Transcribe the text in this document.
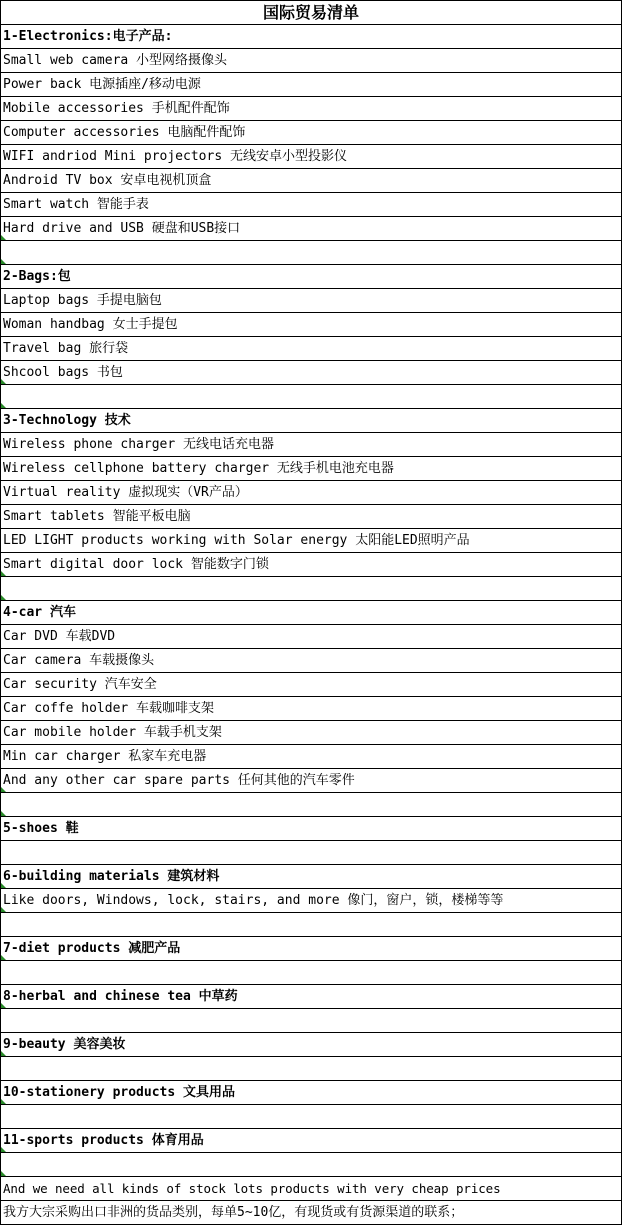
国际贸易清单
1-Electronics:电子产品:
Small web camera 小型网络摄像头
Power back 电源插座/移动电源
Mobile accessories 手机配件配饰
Computer accessories 电脑配件配饰
WIFI andriod Mini projectors 无线安卓小型投影仪
Android TV box 安卓电视机顶盒
Smart watch 智能手表
Hard drive and USB 硬盘和USB接口
2-Bags:包
Laptop bags 手提电脑包
Woman handbag 女士手提包
Travel bag 旅行袋
Shcool bags 书包
3-Technology 技术
Wireless phone charger 无线电话充电器
Wireless cellphone battery charger 无线手机电池充电器
Virtual reality 虚拟现实（VR产品）
Smart tablets 智能平板电脑
LED LIGHT products working with Solar energy 太阳能LED照明产品
Smart digital door lock 智能数字门锁
4-car 汽车
Car DVD 车载DVD
Car camera 车载摄像头
Car security 汽车安全
Car coffe holder 车载咖啡支架
Car mobile holder 车载手机支架
Min car charger 私家车充电器
And any other car spare parts 任何其他的汽车零件
5-shoes 鞋
6-building materials 建筑材料
Like doors, Windows, lock, stairs, and more 像门，窗户，锁，楼梯等等
7-diet products 减肥产品
8-herbal and chinese tea 中草药
9-beauty 美容美妆
10-stationery products 文具用品
11-sports products 体育用品
And we need all kinds of stock lots products with very cheap prices
我方大宗采购出口非洲的货品类别，每单5~10亿，有现货或有货源渠道的联系；
